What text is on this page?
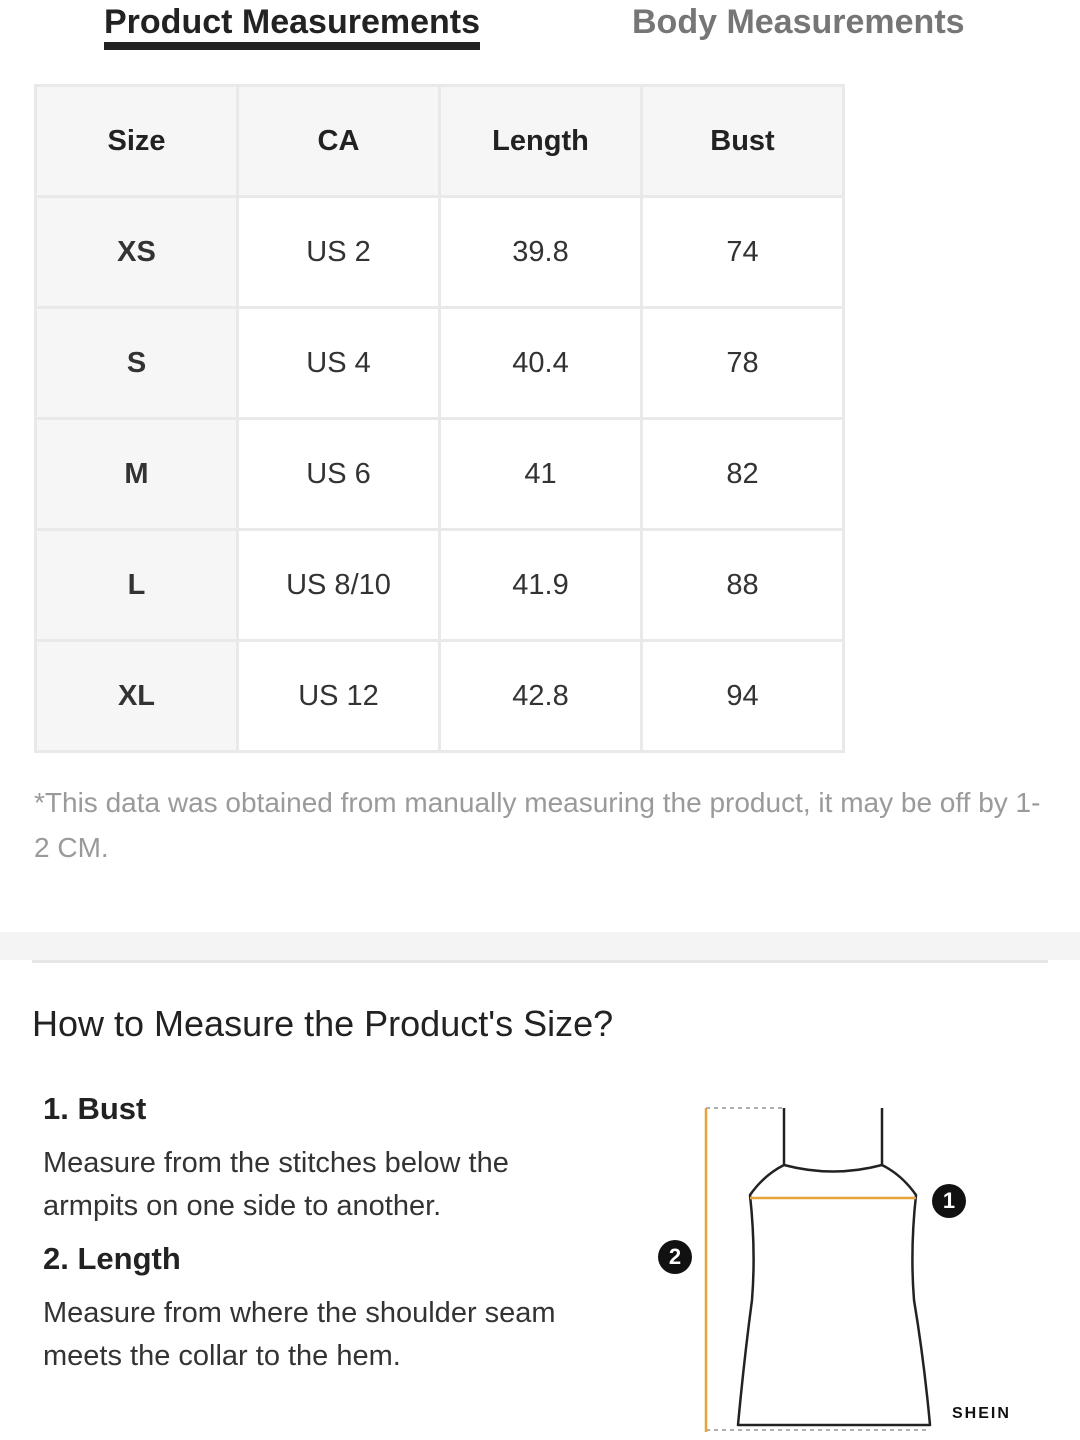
Product Measurements	Body Measurements
Size	CA	Length	Bust
XS	US 2	39.8	74
S	US 4	40.4	78
M	US 6	41	82
L	US 8/10	41.9	88
XL	US 12	42.8	94
*This data was obtained from manually measuring the product, it may be off by 1-2 CM.
How to Measure the Product's Size?
1. Bust
Measure from the stitches below the armpits on one side to another.
2. Length
Measure from where the shoulder seam meets the collar to the hem.
1
2
SHEIN
